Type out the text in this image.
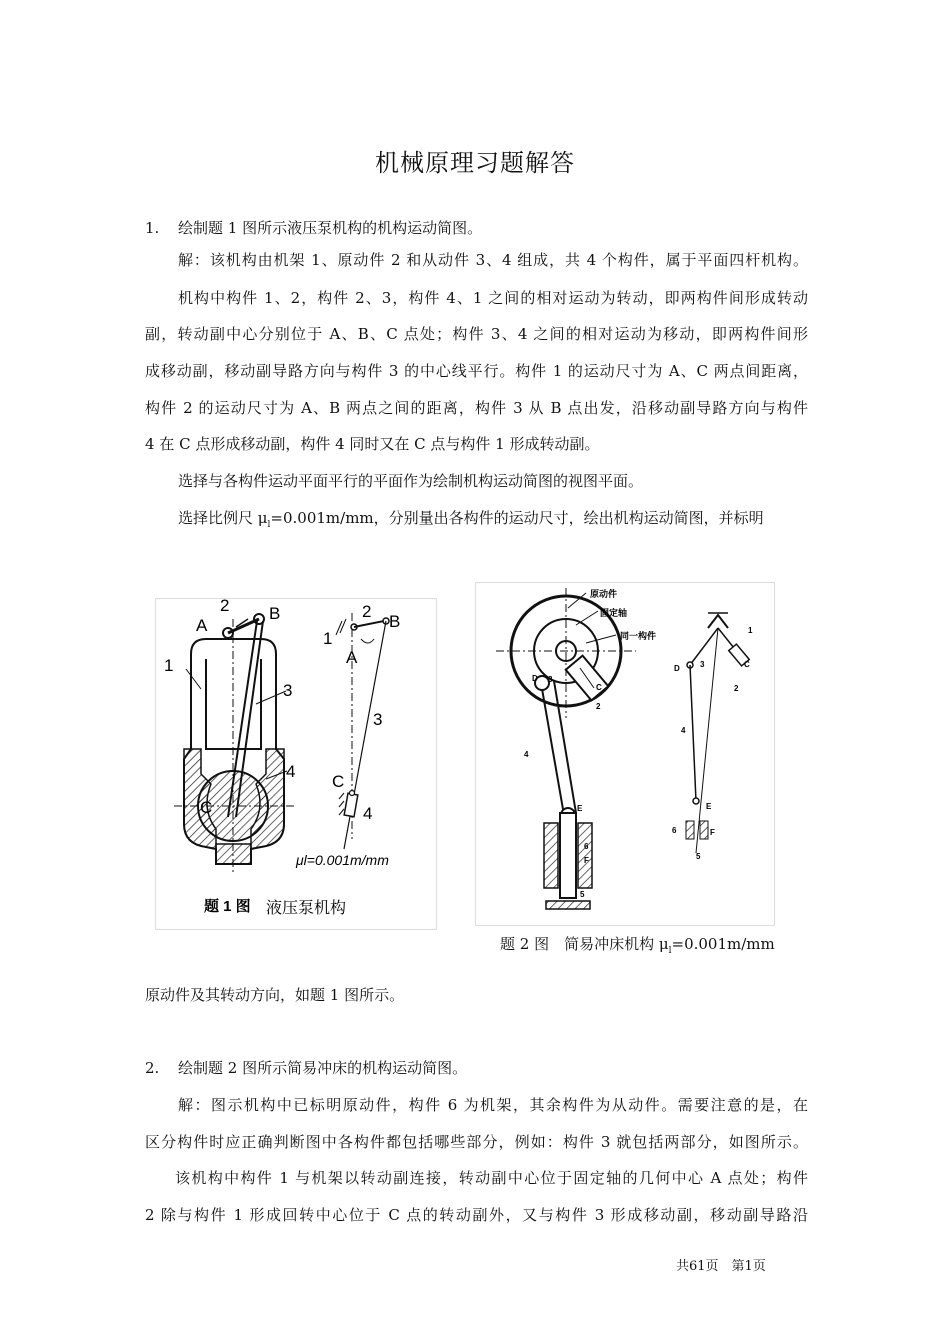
机械原理习题解答
1. 绘制题 1 图所示液压泵机构的机构运动简图。
解：该机构由机架 1、原动件 2 和从动件 3、4 组成，共 4 个构件，属于平面四杆机构。
机构中构件 1、2，构件 2、3，构件 4、1 之间的相对运动为转动，即两构件间形成转动
副，转动副中心分别位于 A、B、C 点处；构件 3、4 之间的相对运动为移动，即两构件间形
成移动副，移动副导路方向与构件 3 的中心线平行。构件 1 的运动尺寸为 A、C 两点间距离，
构件 2 的运动尺寸为 A、B 两点之间的距离，构件 3 从 B 点出发，沿移动副导路方向与构件
4 在 C 点形成移动副，构件 4 同时又在 C 点与构件 1 形成转动副。
选择与各构件运动平面平行的平面作为绘制机构运动简图的视图平面。
选择比例尺 $\mu_l=0.001m/mm$，分别量出各构件的运动尺寸，绘出机构运动简图，并标明
A
2 B
1
3
4
C
1
2
B
A
3
C
4
μl=0.001m/mm
题 1 图 液压泵机构
D 3
C
2
4
E
6
F
5
原动件
固定轴
同一构件
1
3	C
2
D
4
E
6	F
5
题 2 图　简易冲床机构 $\mu_l=0.001m/mm$
原动件及其转动方向，如题 1 图所示。
2. 绘制题 2 图所示简易冲床的机构运动简图。
解：图示机构中已标明原动件，构件 6 为机架，其余构件为从动件。需要注意的是，在
区分构件时应正确判断图中各构件都包括哪些部分，例如：构件 3 就包括两部分，如图所示。
该机构中构件 1 与机架以转动副连接，转动副中心位于固定轴的几何中心 A 点处；构件
2 除与构件 1 形成回转中心位于 C 点的转动副外，又与构件 3 形成移动副，移动副导路沿
共61页　第1页
